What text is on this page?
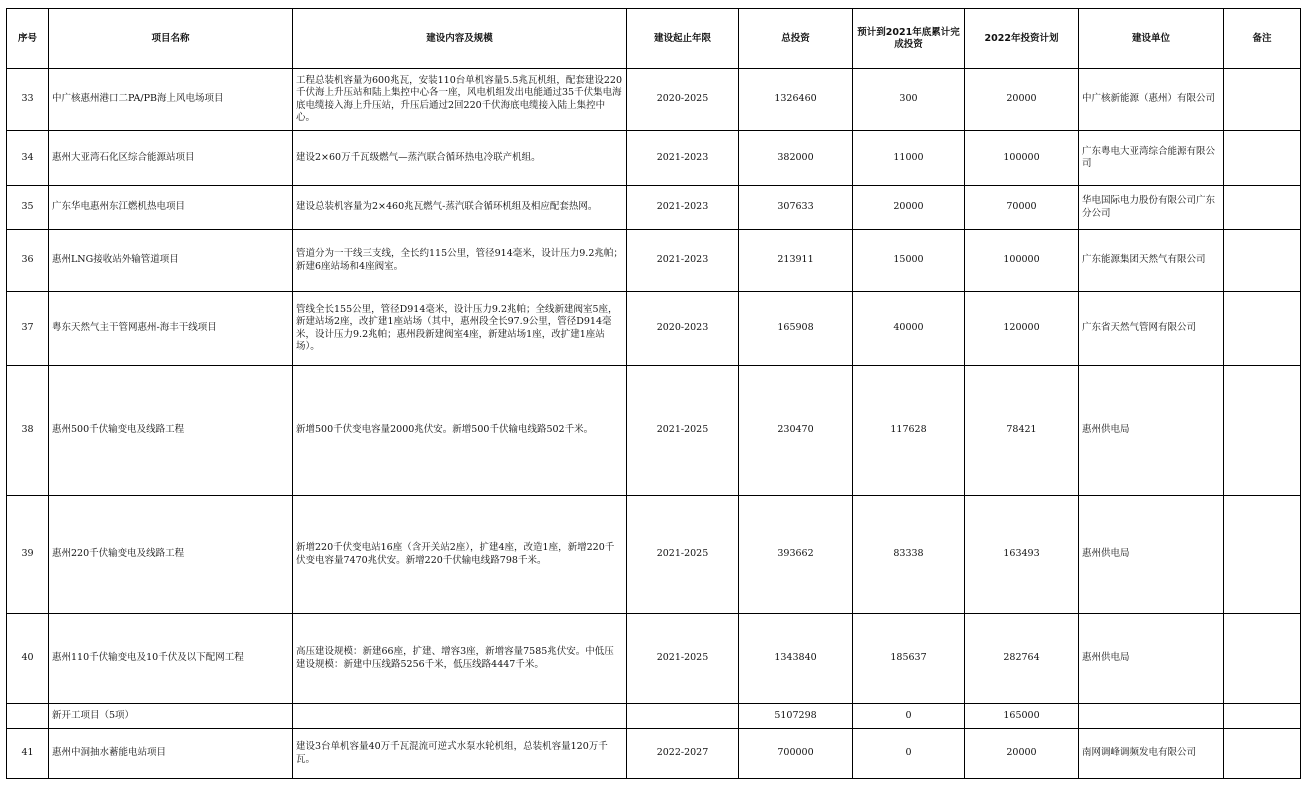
序号	项目名称	建设内容及规模	建设起止年限	总投资	预计到2021年底累计完成投资	2022年投资计划	建设单位	备注
33	中广核惠州港口二PA/PB海上风电场项目	工程总装机容量为600兆瓦，安装110台单机容量5.5兆瓦机组，配套建设220千伏海上升压站和陆上集控中心各一座，风电机组发出电能通过35千伏集电海底电缆接入海上升压站，升压后通过2回220千伏海底电缆接入陆上集控中心。	2020-2025	1326460	300	20000	中广核新能源（惠州）有限公司	
34	惠州大亚湾石化区综合能源站项目	建设2×60万千瓦级燃气—蒸汽联合循环热电冷联产机组。	2021-2023	382000	11000	100000	广东粤电大亚湾综合能源有限公司	
35	广东华电惠州东江燃机热电项目	建设总装机容量为2×460兆瓦燃气-蒸汽联合循环机组及相应配套热网。	2021-2023	307633	20000	70000	华电国际电力股份有限公司广东分公司	
36	惠州LNG接收站外输管道项目	管道分为一干线三支线，全长约115公里，管径914毫米，设计压力9.2兆帕；新建6座站场和4座阀室。	2021-2023	213911	15000	100000	广东能源集团天然气有限公司	
37	粤东天然气主干管网惠州-海丰干线项目	管线全长155公里，管径D914毫米，设计压力9.2兆帕；全线新建阀室5座，新建站场2座，改扩建1座站场（其中，惠州段全长97.9公里，管径D914毫米，设计压力9.2兆帕；惠州段新建阀室4座，新建站场1座，改扩建1座站场）。	2020-2023	165908	40000	120000	广东省天然气管网有限公司	
38	惠州500千伏输变电及线路工程	新增500千伏变电容量2000兆伏安。新增500千伏输电线路502千米。	2021-2025	230470	117628	78421	惠州供电局	
39	惠州220千伏输变电及线路工程	新增220千伏变电站16座（含开关站2座），扩建4座，改造1座，新增220千伏变电容量7470兆伏安。新增220千伏输电线路798千米。	2021-2025	393662	83338	163493	惠州供电局	
40	惠州110千伏输变电及10千伏及以下配网工程	高压建设规模：新建66座，扩建、增容3座，新增容量7585兆伏安。中低压建设规模：新建中压线路5256千米，低压线路4447千米。	2021-2025	1343840	185637	282764	惠州供电局	
	新开工项目（5项）			5107298	0	165000		
41	惠州中洞抽水蓄能电站项目	建设3台单机容量40万千瓦混流可逆式水泵水轮机组，总装机容量120万千瓦。	2022-2027	700000	0	20000	南网调峰调频发电有限公司	
